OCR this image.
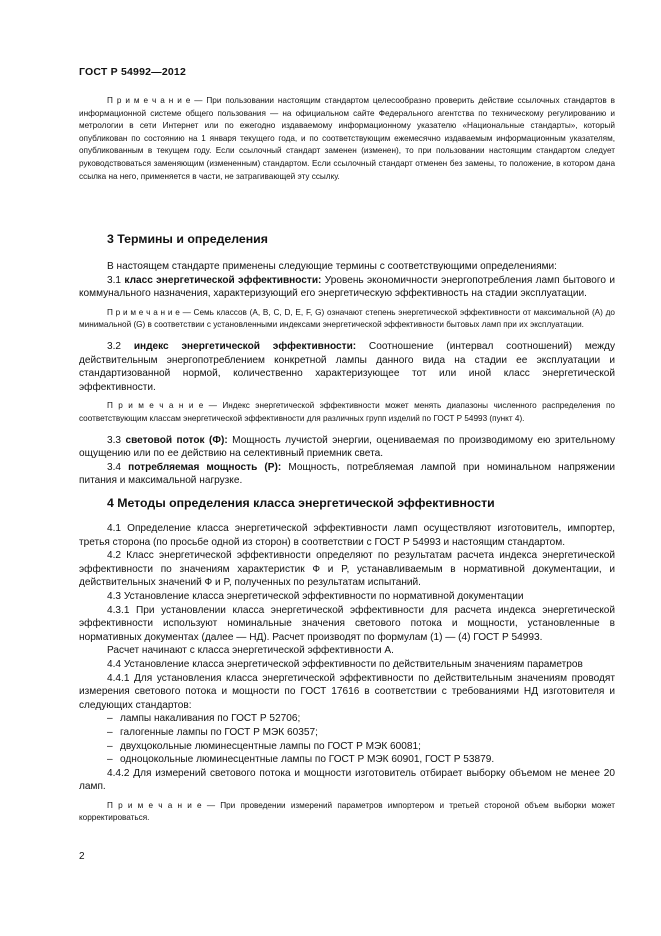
ГОСТ Р 54992—2012

П р и м е ч а н и е — При пользовании настоящим стандартом целесообразно проверить действие ссылочных стандартов в информационной системе общего пользования — на официальном сайте Федерального агентства по техническому регулированию и метрологии в сети Интернет или по ежегодно издаваемому информационному указателю «Национальные стандарты», который опубликован по состоянию на 1 января текущего года, и по соответствующим ежемесячно издаваемым информационным указателям, опубликованным в текущем году. Если ссылочный стандарт заменен (изменен), то при пользовании настоящим стандартом следует руководствоваться заменяющим (измененным) стандартом. Если ссылочный стандарт отменен без замены, то положение, в котором дана ссылка на него, применяется в части, не затрагивающей эту ссылку.

3 Термины и определения

В настоящем стандарте применены следующие термины с соответствующими определениями:

3.1 класс энергетической эффективности: Уровень экономичности энергопотребления ламп бытового и коммунального назначения, характеризующий его энергетическую эффективность на стадии эксплуатации.

П р и м е ч а н и е — Семь классов (A, B, C, D, E, F, G) означают степень энергетической эффективности от максимальной (A) до минимальной (G) в соответствии с установленными индексами энергетической эффективности бытовых ламп при их эксплуатации.

3.2 индекс энергетической эффективности: Соотношение (интервал соотношений) между действительным энергопотреблением конкретной лампы данного вида на стадии ее эксплуатации и стандартизованной нормой, количественно характеризующее тот или иной класс энергетической эффективности.

П р и м е ч а н и е — Индекс энергетической эффективности может менять диапазоны численного распределения по соответствующим классам энергетической эффективности для различных групп изделий по ГОСТ Р 54993 (пункт 4).

3.3 световой поток (Ф): Мощность лучистой энергии, оцениваемая по производимому ею зрительному ощущению или по ее действию на селективный приемник света.

3.4 потребляемая мощность (P): Мощность, потребляемая лампой при номинальном напряжении питания и максимальной нагрузке.

4 Методы определения класса энергетической эффективности

4.1 Определение класса энергетической эффективности ламп осуществляют изготовитель, импортер, третья сторона (по просьбе одной из сторон) в соответствии с ГОСТ Р 54993 и настоящим стандартом.

4.2 Класс энергетической эффективности определяют по результатам расчета индекса энергетической эффективности по значениям характеристик Ф и P, устанавливаемым в нормативной документации, и действительных значений Ф и P, полученных по результатам испытаний.

4.3 Установление класса энергетической эффективности по нормативной документации

4.3.1 При установлении класса энергетической эффективности для расчета индекса энергетической эффективности используют номинальные значения светового потока и мощности, установленные в нормативных документах (далее — НД). Расчет производят по формулам (1) — (4) ГОСТ Р 54993.

Расчет начинают с класса энергетической эффективности А.

4.4 Установление класса энергетической эффективности по действительным значениям параметров

4.4.1 Для установления класса энергетической эффективности по действительным значениям проводят измерения светового потока и мощности по ГОСТ 17616 в соответствии с требованиями НД изготовителя и следующих стандартов:

– лампы накаливания по ГОСТ Р 52706;
– галогенные лампы по ГОСТ Р МЭК 60357;
– двухцокольные люминесцентные лампы по ГОСТ Р МЭК 60081;
– одноцокольные люминесцентные лампы по ГОСТ Р МЭК 60901, ГОСТ Р 53879.

4.4.2 Для измерений светового потока и мощности изготовитель отбирает выборку объемом не менее 20 ламп.

П р и м е ч а н и е — При проведении измерений параметров импортером и третьей стороной объем выборки может корректироваться.

2
